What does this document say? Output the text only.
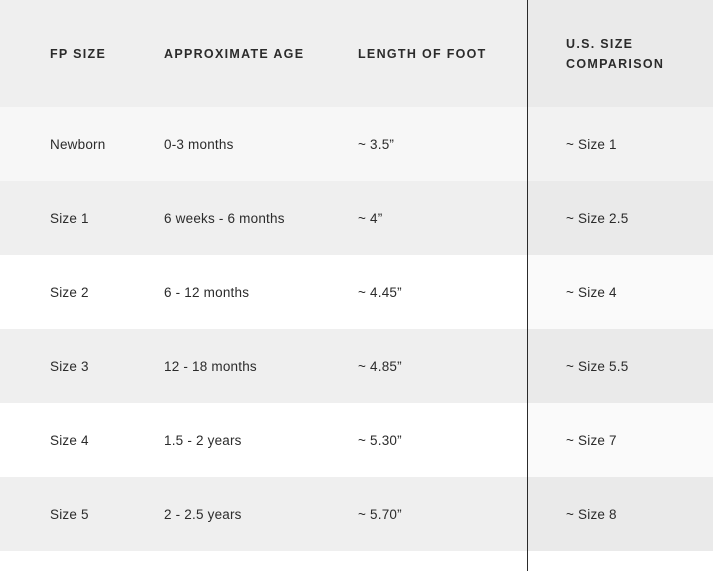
FP SIZE	APPROXIMATE AGE	LENGTH OF FOOT	U.S. SIZE
COMPARISON

Newborn	0-3 months	~ 3.5”	~ Size 1
Size 1	6 weeks - 6 months	~ 4”	~ Size 2.5
Size 2	6 - 12 months	~ 4.45”	~ Size 4
Size 3	12 - 18 months	~ 4.85”	~ Size 5.5
Size 4	1.5 - 2 years	~ 5.30”	~ Size 7
Size 5	2 - 2.5 years	~ 5.70”	~ Size 8
